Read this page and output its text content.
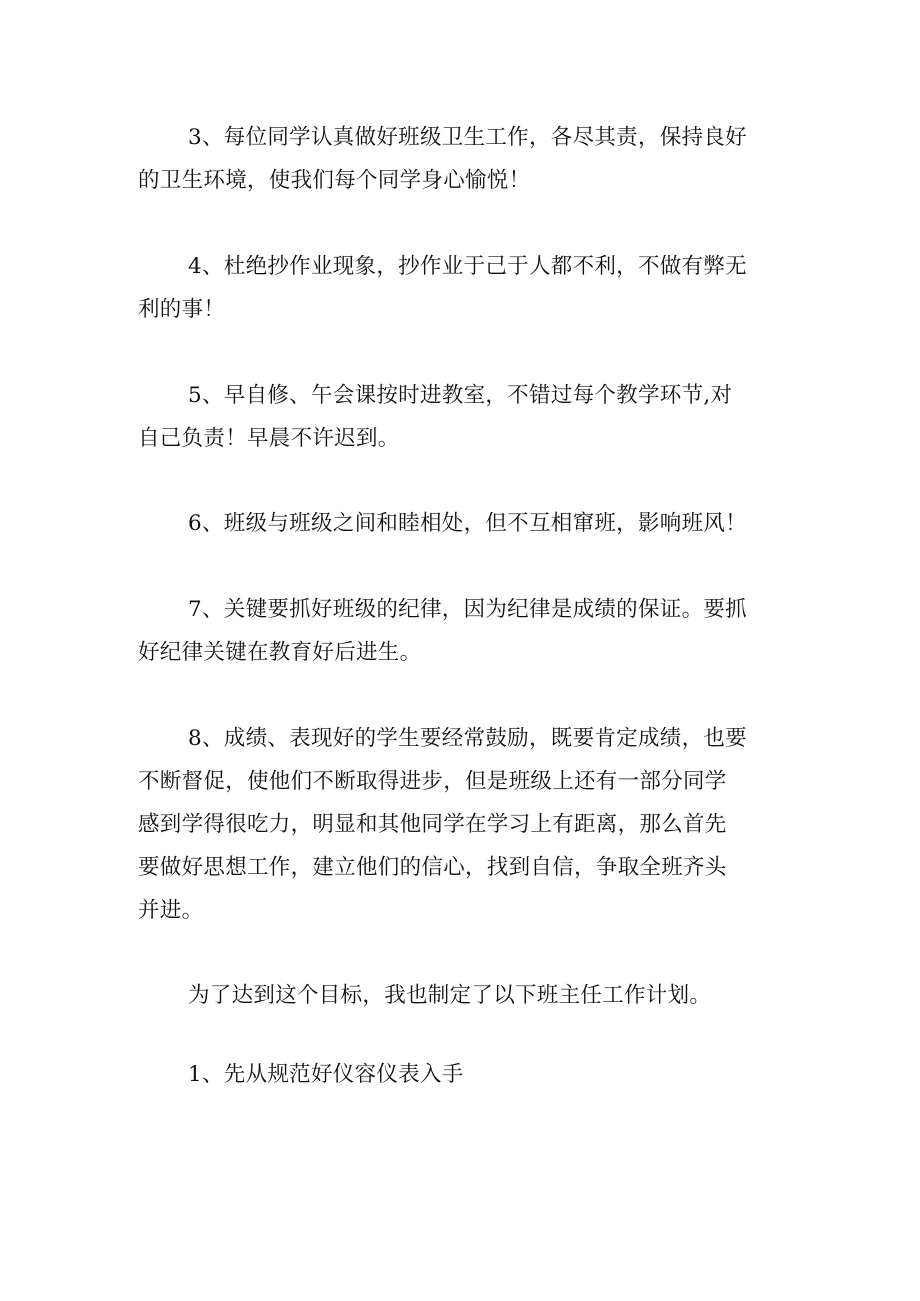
3、每位同学认真做好班级卫生工作，各尽其责，保持良好
的卫生环境，使我们每个同学身心愉悦！

4、杜绝抄作业现象，抄作业于己于人都不利，不做有弊无
利的事！

5、早自修、午会课按时进教室，不错过每个教学环节,对
自己负责！早晨不许迟到。

6、班级与班级之间和睦相处，但不互相窜班，影响班风！

7、关键要抓好班级的纪律，因为纪律是成绩的保证。要抓
好纪律关键在教育好后进生。

8、成绩、表现好的学生要经常鼓励，既要肯定成绩，也要
不断督促，使他们不断取得进步，但是班级上还有一部分同学
感到学得很吃力，明显和其他同学在学习上有距离，那么首先
要做好思想工作，建立他们的信心，找到自信，争取全班齐头
并进。

为了达到这个目标，我也制定了以下班主任工作计划。

1、先从规范好仪容仪表入手
